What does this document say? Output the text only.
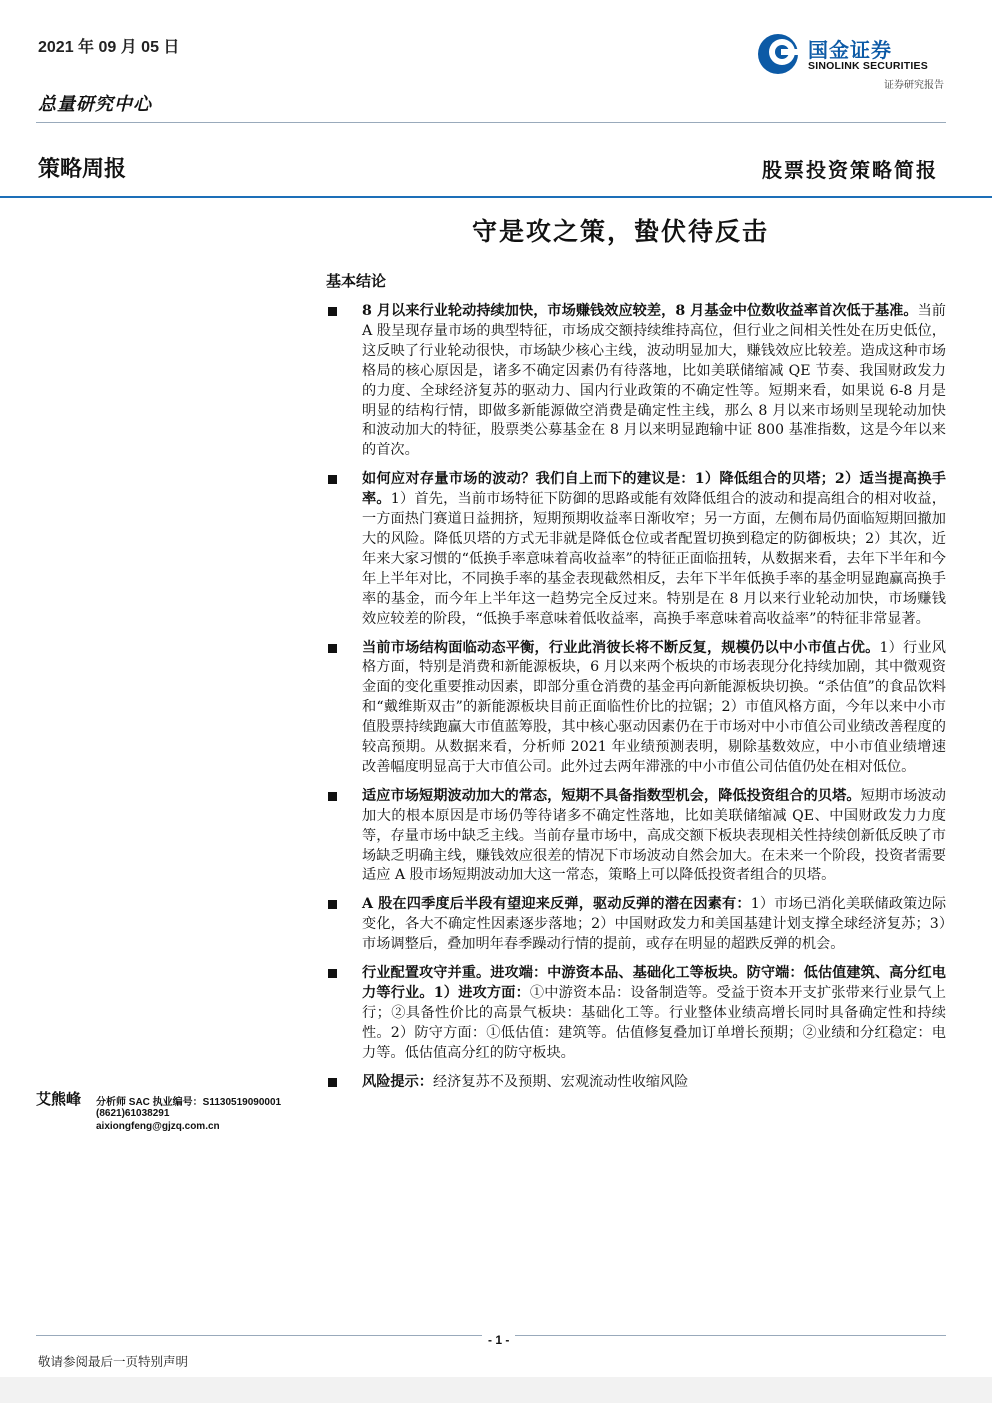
2021 年 09 月 05 日
总量研究中心
国金证券
SINOLINK SECURITIES
证券研究报告
策略周报	股票投资策略简报
守是攻之策，蛰伏待反击
基本结论
8 月以来行业轮动持续加快，市场赚钱效应较差，8 月基金中位数收益率首次低于基准。当前 A 股呈现存量市场的典型特征，市场成交额持续维持高位，但行业之间相关性处在历史低位，这反映了行业轮动很快，市场缺少核心主线，波动明显加大，赚钱效应比较差。造成这种市场格局的核心原因是，诸多不确定因素仍有待落地，比如美联储缩减 QE 节奏、我国财政发力的力度、全球经济复苏的驱动力、国内行业政策的不确定性等。短期来看，如果说 6-8 月是明显的结构行情，即做多新能源做空消费是确定性主线，那么 8 月以来市场则呈现轮动加快和波动加大的特征，股票类公募基金在 8 月以来明显跑输中证 800 基准指数，这是今年以来的首次。
如何应对存量市场的波动？我们自上而下的建议是：1）降低组合的贝塔；2）适当提高换手率。1）首先，当前市场特征下防御的思路或能有效降低组合的波动和提高组合的相对收益，一方面热门赛道日益拥挤，短期预期收益率日渐收窄；另一方面，左侧布局仍面临短期回撤加大的风险。降低贝塔的方式无非就是降低仓位或者配置切换到稳定的防御板块；2）其次，近年来大家习惯的“低换手率意味着高收益率”的特征正面临扭转，从数据来看，去年下半年和今年上半年对比，不同换手率的基金表现截然相反，去年下半年低换手率的基金明显跑赢高换手率的基金，而今年上半年这一趋势完全反过来。特别是在 8 月以来行业轮动加快，市场赚钱效应较差的阶段，“低换手率意味着低收益率，高换手率意味着高收益率”的特征非常显著。
当前市场结构面临动态平衡，行业此消彼长将不断反复，规模仍以中小市值占优。1）行业风格方面，特别是消费和新能源板块，6 月以来两个板块的市场表现分化持续加剧，其中微观资金面的变化重要推动因素，即部分重仓消费的基金再向新能源板块切换。“杀估值”的食品饮料和“戴维斯双击”的新能源板块目前正面临性价比的拉锯；2）市值风格方面，今年以来中小市值股票持续跑赢大市值蓝筹股，其中核心驱动因素仍在于市场对中小市值公司业绩改善程度的较高预期。从数据来看，分析师 2021 年业绩预测表明，剔除基数效应，中小市值业绩增速改善幅度明显高于大市值公司。此外过去两年滞涨的中小市值公司估值仍处在相对低位。
适应市场短期波动加大的常态，短期不具备指数型机会，降低投资组合的贝塔。短期市场波动加大的根本原因是市场仍等待诸多不确定性落地，比如美联储缩减 QE、中国财政发力力度等，存量市场中缺乏主线。当前存量市场中，高成交额下板块表现相关性持续创新低反映了市场缺乏明确主线，赚钱效应很差的情况下市场波动自然会加大。在未来一个阶段，投资者需要适应 A 股市场短期波动加大这一常态，策略上可以降低投资者组合的贝塔。
A 股在四季度后半段有望迎来反弹，驱动反弹的潜在因素有：1）市场已消化美联储政策边际变化，各大不确定性因素逐步落地；2）中国财政发力和美国基建计划支撑全球经济复苏；3）市场调整后，叠加明年春季躁动行情的提前，或存在明显的超跌反弹的机会。
行业配置攻守并重。进攻端：中游资本品、基础化工等板块。防守端：低估值建筑、高分红电力等行业。1）进攻方面：①中游资本品：设备制造等。受益于资本开支扩张带来行业景气上行；②具备性价比的高景气板块：基础化工等。行业整体业绩高增长同时具备确定性和持续性。2）防守方面：①低估值：建筑等。估值修复叠加订单增长预期；②业绩和分红稳定：电力等。低估值高分红的防守板块。
风险提示：经济复苏不及预期、宏观流动性收缩风险
艾熊峰 分析师 SAC 执业编号：S1130519090001
(8621)61038291
aixiongfeng@gjzq.com.cn
- 1 -
敬请参阅最后一页特别声明
